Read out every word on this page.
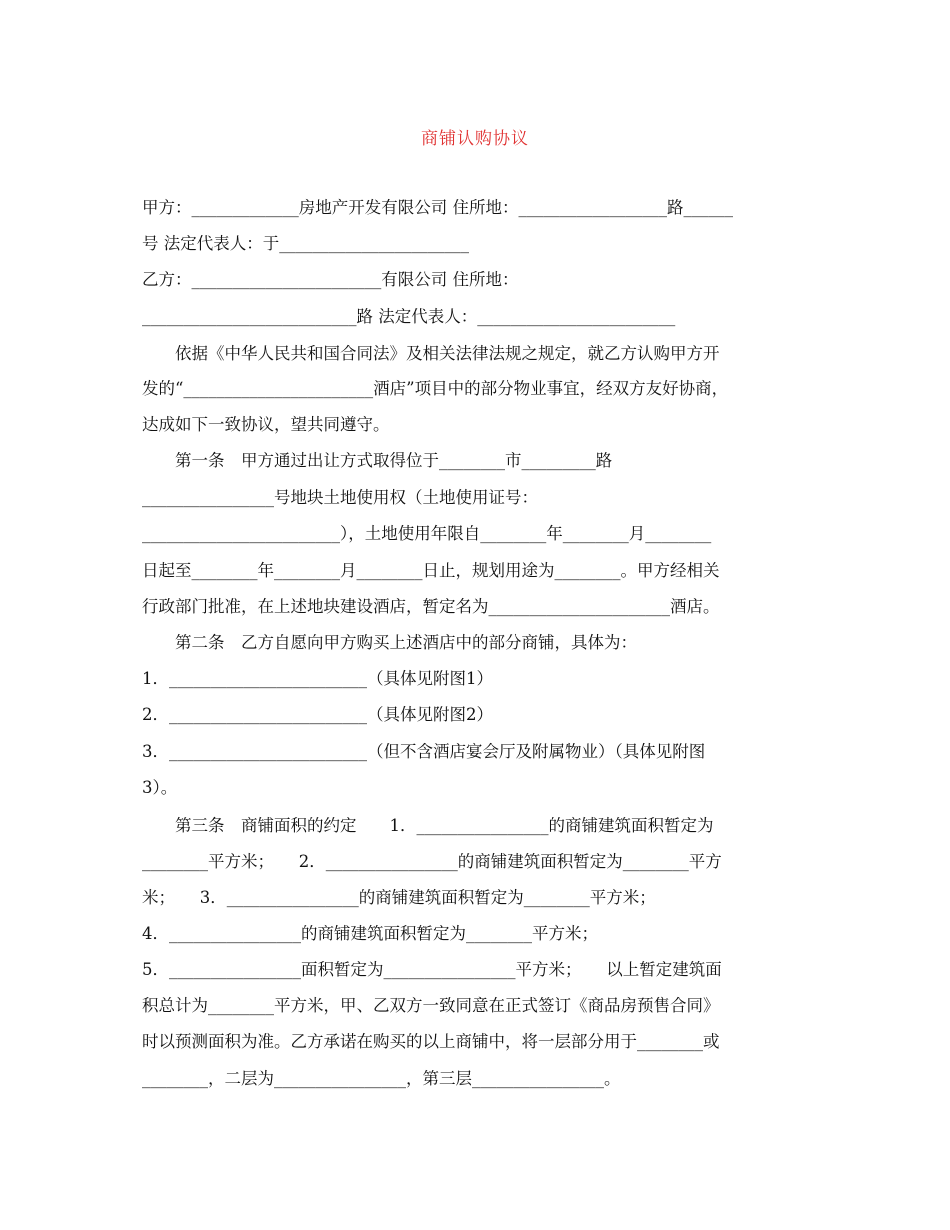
商铺认购协议
甲方：_____________房地产开发有限公司 住所地：__________________路______
号 法定代表人：于_______________________
乙方：_______________________有限公司 住所地：
__________________________路 法定代表人：________________________
　　依据《中华人民共和国合同法》及相关法律法规之规定，就乙方认购甲方开
发的“_______________________酒店”项目中的部分物业事宜，经双方友好协商，
达成如下一致协议，望共同遵守。
　　第一条　甲方通过出让方式取得位于________市_________路
________________号地块土地使用权（土地使用证号：
________________________），土地使用年限自________年________月________
日起至________年________月________日止，规划用途为________。甲方经相关
行政部门批准，在上述地块建设酒店，暂定名为______________________酒店。
　　第二条　乙方自愿向甲方购买上述酒店中的部分商铺，具体为：
1．________________________（具体见附图1）
2．________________________（具体见附图2）
3．________________________（但不含酒店宴会厅及附属物业）（具体见附图
3）。
　　第三条　商铺面积的约定　　1．________________的商铺建筑面积暂定为
________平方米；　　2．________________的商铺建筑面积暂定为________平方
米；　　3．________________的商铺建筑面积暂定为________平方米；
4．________________的商铺建筑面积暂定为________平方米；
5．________________面积暂定为________________平方米；　　以上暂定建筑面
积总计为________平方米，甲、乙双方一致同意在正式签订《商品房预售合同》
时以预测面积为准。乙方承诺在购买的以上商铺中，将一层部分用于________或
________，二层为________________，第三层________________。
